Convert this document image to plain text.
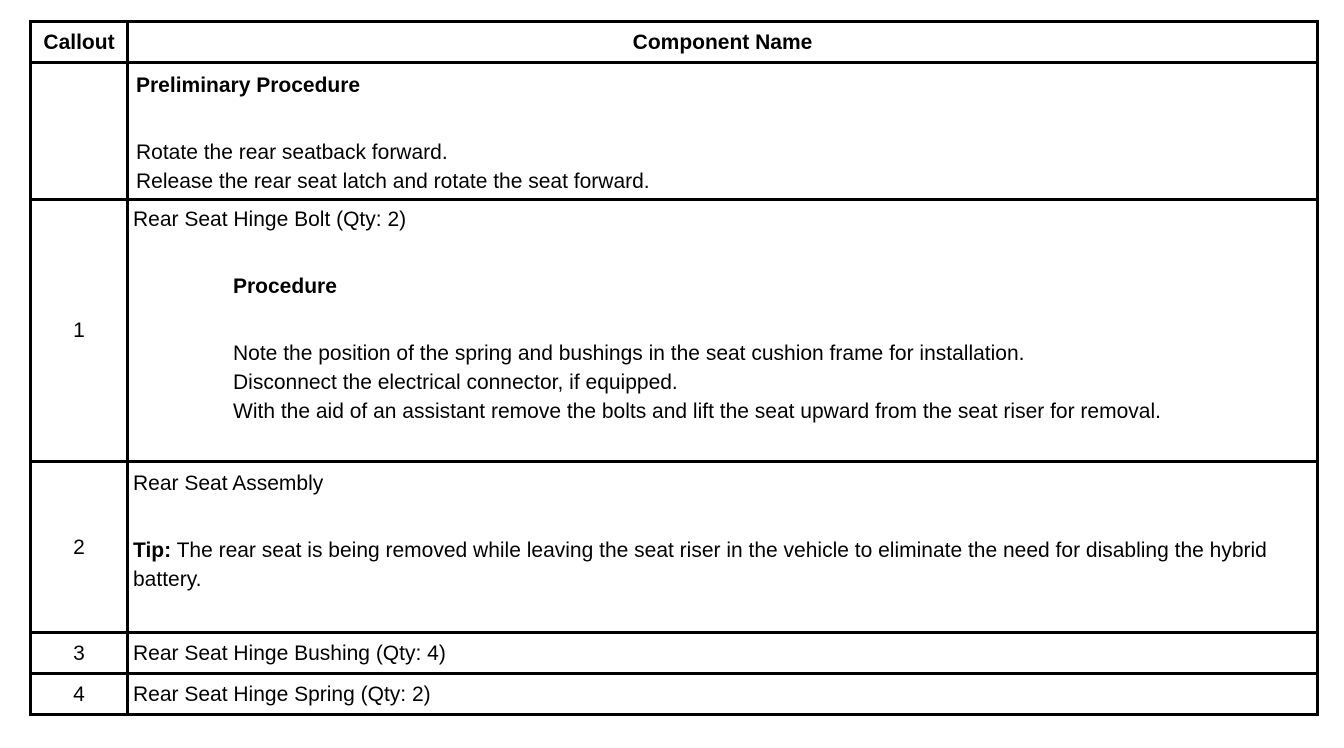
Callout	Component Name

	Preliminary Procedure
Rotate the rear seatback forward.
Release the rear seat latch and rotate the seat forward.

1	Rear Seat Hinge Bolt (Qty: 2)
Procedure
Note the position of the spring and bushings in the seat cushion frame for installation.
Disconnect the electrical connector, if equipped.
With the aid of an assistant remove the bolts and lift the seat upward from the seat riser for removal.

2	Rear Seat Assembly
Tip: The rear seat is being removed while leaving the seat riser in the vehicle to eliminate the need for disabling the hybrid battery.

3	Rear Seat Hinge Bushing (Qty: 4)

4	Rear Seat Hinge Spring (Qty: 2)
